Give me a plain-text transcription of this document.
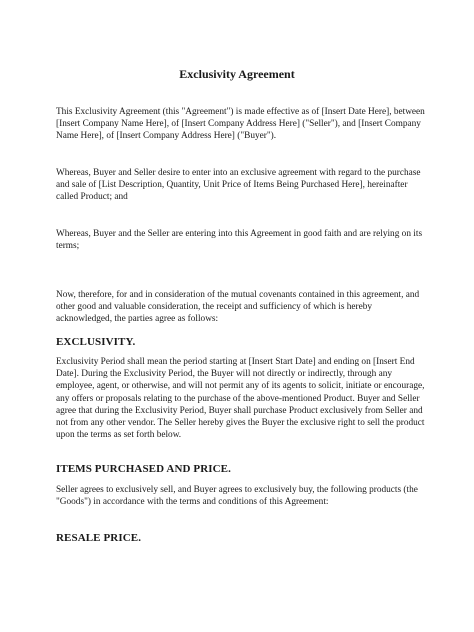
Exclusivity Agreement
This Exclusivity Agreement (this "Agreement") is made effective as of [Insert Date Here], between [Insert Company Name Here], of [Insert Company Address Here] ("Seller"), and [Insert Company Name Here], of [Insert Company Address Here] ("Buyer").
Whereas, Buyer and Seller desire to enter into an exclusive agreement with regard to the purchase and sale of [List Description, Quantity, Unit Price of Items Being Purchased Here], hereinafter called Product; and
Whereas, Buyer and the Seller are entering into this Agreement in good faith and are relying on its terms;
Now, therefore, for and in consideration of the mutual covenants contained in this agreement, and other good and valuable consideration, the receipt and sufficiency of which is hereby acknowledged, the parties agree as follows:
EXCLUSIVITY.
Exclusivity Period shall mean the period starting at [Insert Start Date] and ending on [Insert End Date]. During the Exclusivity Period, the Buyer will not directly or indirectly, through any employee, agent, or otherwise, and will not permit any of its agents to solicit, initiate or encourage, any offers or proposals relating to the purchase of the above-mentioned Product. Buyer and Seller agree that during the Exclusivity Period, Buyer shall purchase Product exclusively from Seller and not from any other vendor. The Seller hereby gives the Buyer the exclusive right to sell the product upon the terms as set forth below.
ITEMS PURCHASED AND PRICE.
Seller agrees to exclusively sell, and Buyer agrees to exclusively buy, the following products (the "Goods") in accordance with the terms and conditions of this Agreement:
RESALE PRICE.
